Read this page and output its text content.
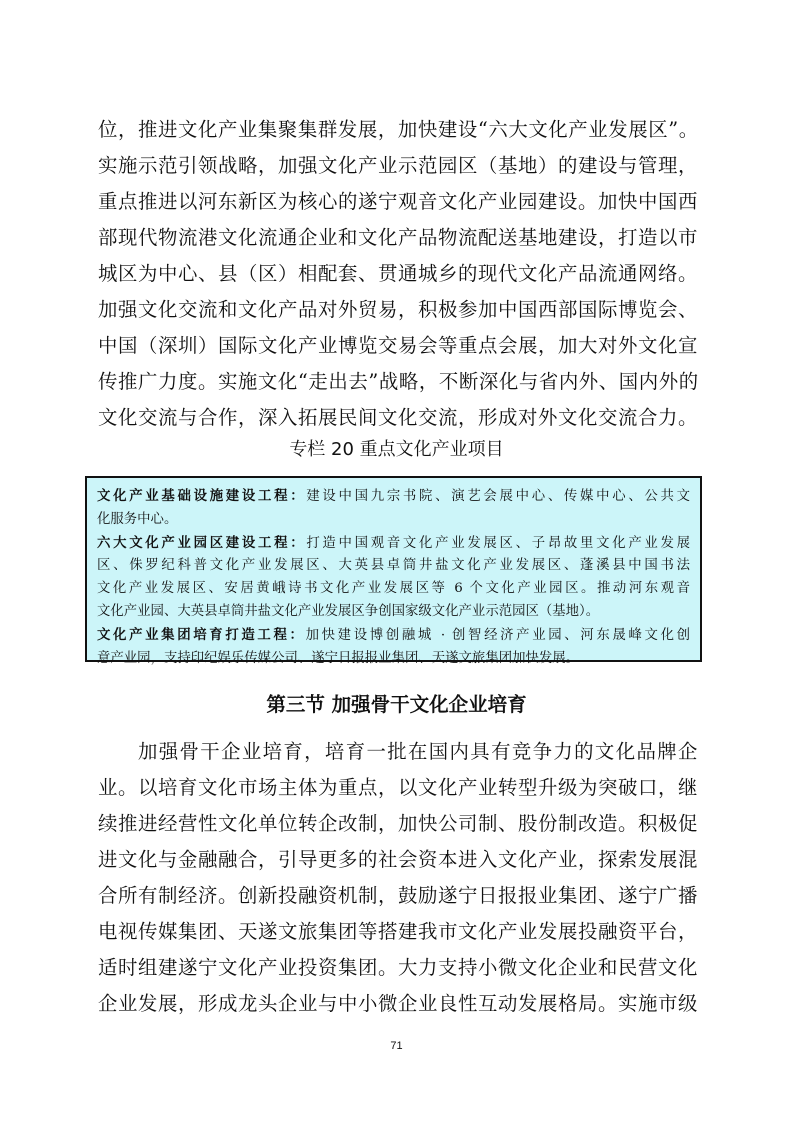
位，推进文化产业集聚集群发展，加快建设“六大文化产业发展区”。
实施示范引领战略，加强文化产业示范园区（基地）的建设与管理，
重点推进以河东新区为核心的遂宁观音文化产业园建设。加快中国西
部现代物流港文化流通企业和文化产品物流配送基地建设，打造以市
城区为中心、县（区）相配套、贯通城乡的现代文化产品流通网络。
加强文化交流和文化产品对外贸易，积极参加中国西部国际博览会、
中国（深圳）国际文化产业博览交易会等重点会展，加大对外文化宣
传推广力度。实施文化“走出去”战略，不断深化与省内外、国内外的
文化交流与合作，深入拓展民间文化交流，形成对外文化交流合力。
专栏 20 重点文化产业项目
文化产业基础设施建设工程：建设中国九宗书院、演艺会展中心、传媒中心、公共文
化服务中心。
六大文化产业园区建设工程：打造中国观音文化产业发展区、子昂故里文化产业发展
区、侏罗纪科普文化产业发展区、大英县卓筒井盐文化产业发展区、蓬溪县中国书法
文化产业发展区、安居黄峨诗书文化产业发展区等 6 个文化产业园区。推动河东观音
文化产业园、大英县卓筒井盐文化产业发展区争创国家级文化产业示范园区（基地）。
文化产业集团培育打造工程：加快建设博创融城 · 创智经济产业园、河东晟峰文化创
意产业园，支持印纪娱乐传媒公司、遂宁日报报业集团、天遂文旅集团加快发展。
第三节 加强骨干文化企业培育
加强骨干企业培育，培育一批在国内具有竞争力的文化品牌企
业。以培育文化市场主体为重点，以文化产业转型升级为突破口，继
续推进经营性文化单位转企改制，加快公司制、股份制改造。积极促
进文化与金融融合，引导更多的社会资本进入文化产业，探索发展混
合所有制经济。创新投融资机制，鼓励遂宁日报报业集团、遂宁广播
电视传媒集团、天遂文旅集团等搭建我市文化产业发展投融资平台，
适时组建遂宁文化产业投资集团。大力支持小微文化企业和民营文化
企业发展，形成龙头企业与中小微企业良性互动发展格局。实施市级
71
